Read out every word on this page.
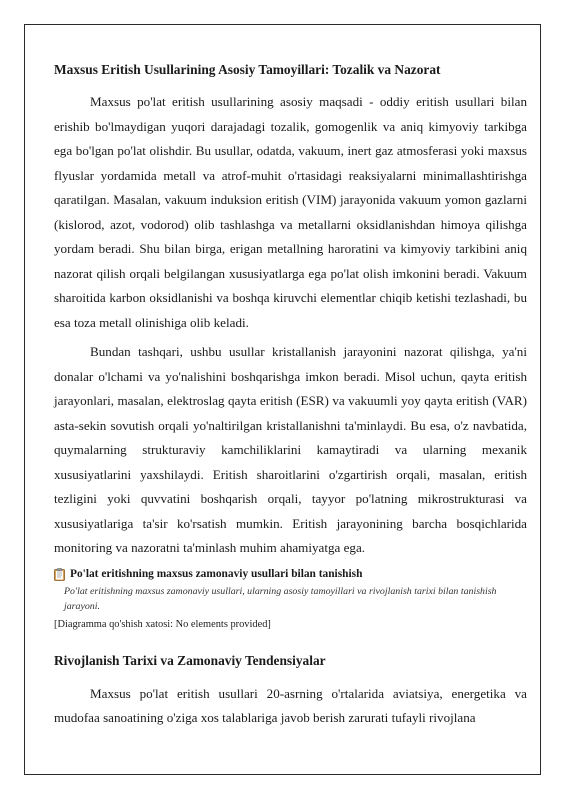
Maxsus Eritish Usullarining Asosiy Tamoyillari: Tozalik va Nazorat

Maxsus po'lat eritish usullarining asosiy maqsadi - oddiy eritish usullari bilan erishib bo'lmaydigan yuqori darajadagi tozalik, gomogenlik va aniq kimyoviy tarkibga ega bo'lgan po'lat olishdir. Bu usullar, odatda, vakuum, inert gaz atmosferasi yoki maxsus flyuslar yordamida metall va atrof-muhit o'rtasidagi reaksiyalarni minimallashtirishga qaratilgan. Masalan, vakuum induksion eritish (VIM) jarayonida vakuum yomon gazlarni (kislorod, azot, vodorod) olib tashlashga va metallarni oksidlanishdan himoya qilishga yordam beradi. Shu bilan birga, erigan metallning haroratini va kimyoviy tarkibini aniq nazorat qilish orqali belgilangan xususiyatlarga ega po'lat olish imkonini beradi. Vakuum sharoitida karbon oksidlanishi va boshqa kiruvchi elementlar chiqib ketishi tezlashadi, bu esa toza metall olinishiga olib keladi.

Bundan tashqari, ushbu usullar kristallanish jarayonini nazorat qilishga, ya'ni donalar o'lchami va yo'nalishini boshqarishga imkon beradi. Misol uchun, qayta eritish jarayonlari, masalan, elektroslag qayta eritish (ESR) va vakuumli yoy qayta eritish (VAR) asta-sekin sovutish orqali yo'naltirilgan kristallanishni ta'minlaydi. Bu esa, o'z navbatida, quymalarning strukturaviy kamchiliklarini kamaytiradi va ularning mexanik xususiyatlarini yaxshilaydi. Eritish sharoitlarini o'zgartirish orqali, masalan, eritish tezligini yoki quvvatini boshqarish orqali, tayyor po'latning mikrostrukturasi va xususiyatlariga ta'sir ko'rsatish mumkin. Eritish jarayonining barcha bosqichlarida monitoring va nazoratni ta'minlash muhim ahamiyatga ega.

Po'lat eritishning maxsus zamonaviy usullari bilan tanishish
Po'lat eritishning maxsus zamonaviy usullari, ularning asosiy tamoyillari va rivojlanish tarixi bilan tanishish jarayoni.
[Diagramma qo'shish xatosi: No elements provided]
Rivojlanish Tarixi va Zamonaviy Tendensiyalar

Maxsus po'lat eritish usullari 20-asrning o'rtalarida aviatsiya, energetika va mudofaa sanoatining o'ziga xos talablariga javob berish zarurati tufayli rivojlana
